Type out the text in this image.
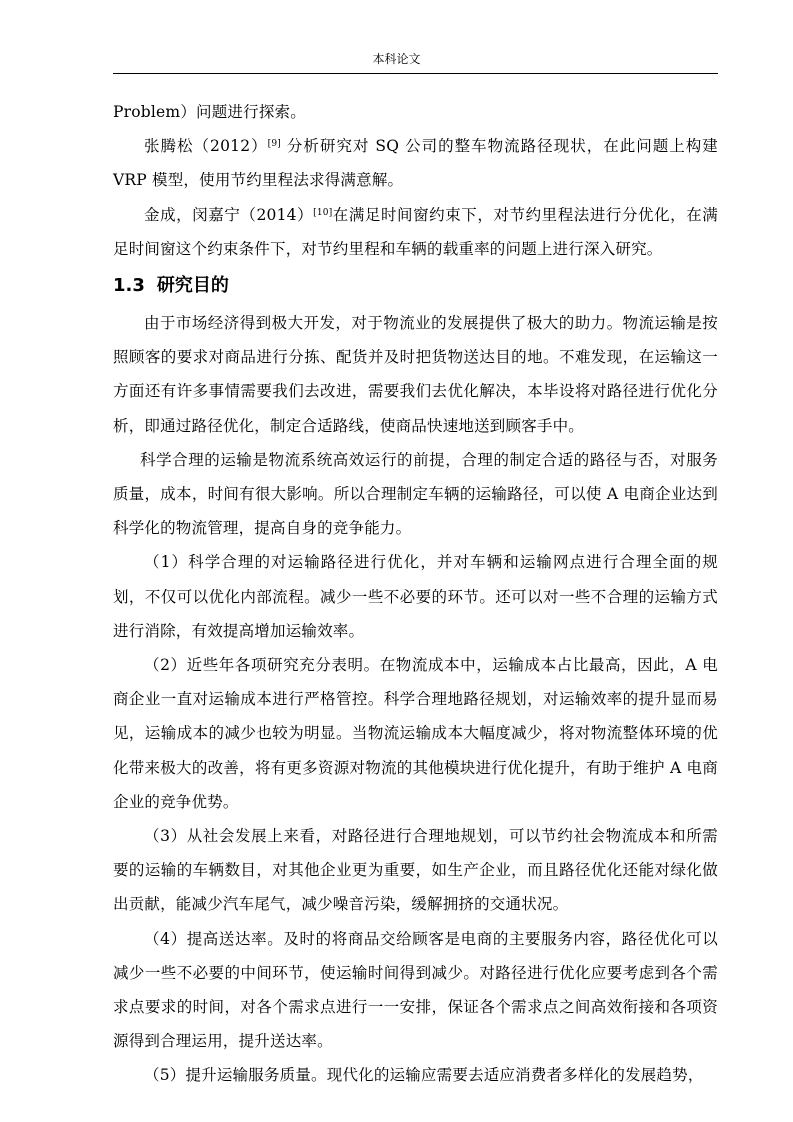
本科论文

Problem）问题进行探索。

张腾松（2012）[9] 分析研究对 SQ 公司的整车物流路径现状，在此问题上构建 VRP 模型，使用节约里程法求得满意解。

金成，闵嘉宁（2014）[10]在满足时间窗约束下，对节约里程法进行分优化，在满足时间窗这个约束条件下，对节约里程和车辆的载重率的问题上进行深入研究。

1.3 研究目的

由于市场经济得到极大开发，对于物流业的发展提供了极大的助力。物流运输是按照顾客的要求对商品进行分拣、配货并及时把货物送达目的地。不难发现，在运输这一方面还有许多事情需要我们去改进，需要我们去优化解决，本毕设将对路径进行优化分析，即通过路径优化，制定合适路线，使商品快速地送到顾客手中。

科学合理的运输是物流系统高效运行的前提，合理的制定合适的路径与否，对服务质量，成本，时间有很大影响。所以合理制定车辆的运输路径，可以使 A 电商企业达到科学化的物流管理，提高自身的竞争能力。

（1）科学合理的对运输路径进行优化，并对车辆和运输网点进行合理全面的规划，不仅可以优化内部流程。减少一些不必要的环节。还可以对一些不合理的运输方式进行消除，有效提高增加运输效率。

（2）近些年各项研究充分表明。在物流成本中，运输成本占比最高，因此，A 电商企业一直对运输成本进行严格管控。科学合理地路径规划，对运输效率的提升显而易见，运输成本的减少也较为明显。当物流运输成本大幅度减少，将对物流整体环境的优化带来极大的改善，将有更多资源对物流的其他模块进行优化提升，有助于维护 A 电商企业的竞争优势。

（3）从社会发展上来看，对路径进行合理地规划，可以节约社会物流成本和所需要的运输的车辆数目，对其他企业更为重要，如生产企业，而且路径优化还能对绿化做出贡献，能减少汽车尾气，减少噪音污染，缓解拥挤的交通状况。

（4）提高送达率。及时的将商品交给顾客是电商的主要服务内容，路径优化可以减少一些不必要的中间环节，使运输时间得到减少。对路径进行优化应要考虑到各个需求点要求的时间，对各个需求点进行一一安排，保证各个需求点之间高效衔接和各项资源得到合理运用，提升送达率。

（5）提升运输服务质量。现代化的运输应需要去适应消费者多样化的发展趋势，
